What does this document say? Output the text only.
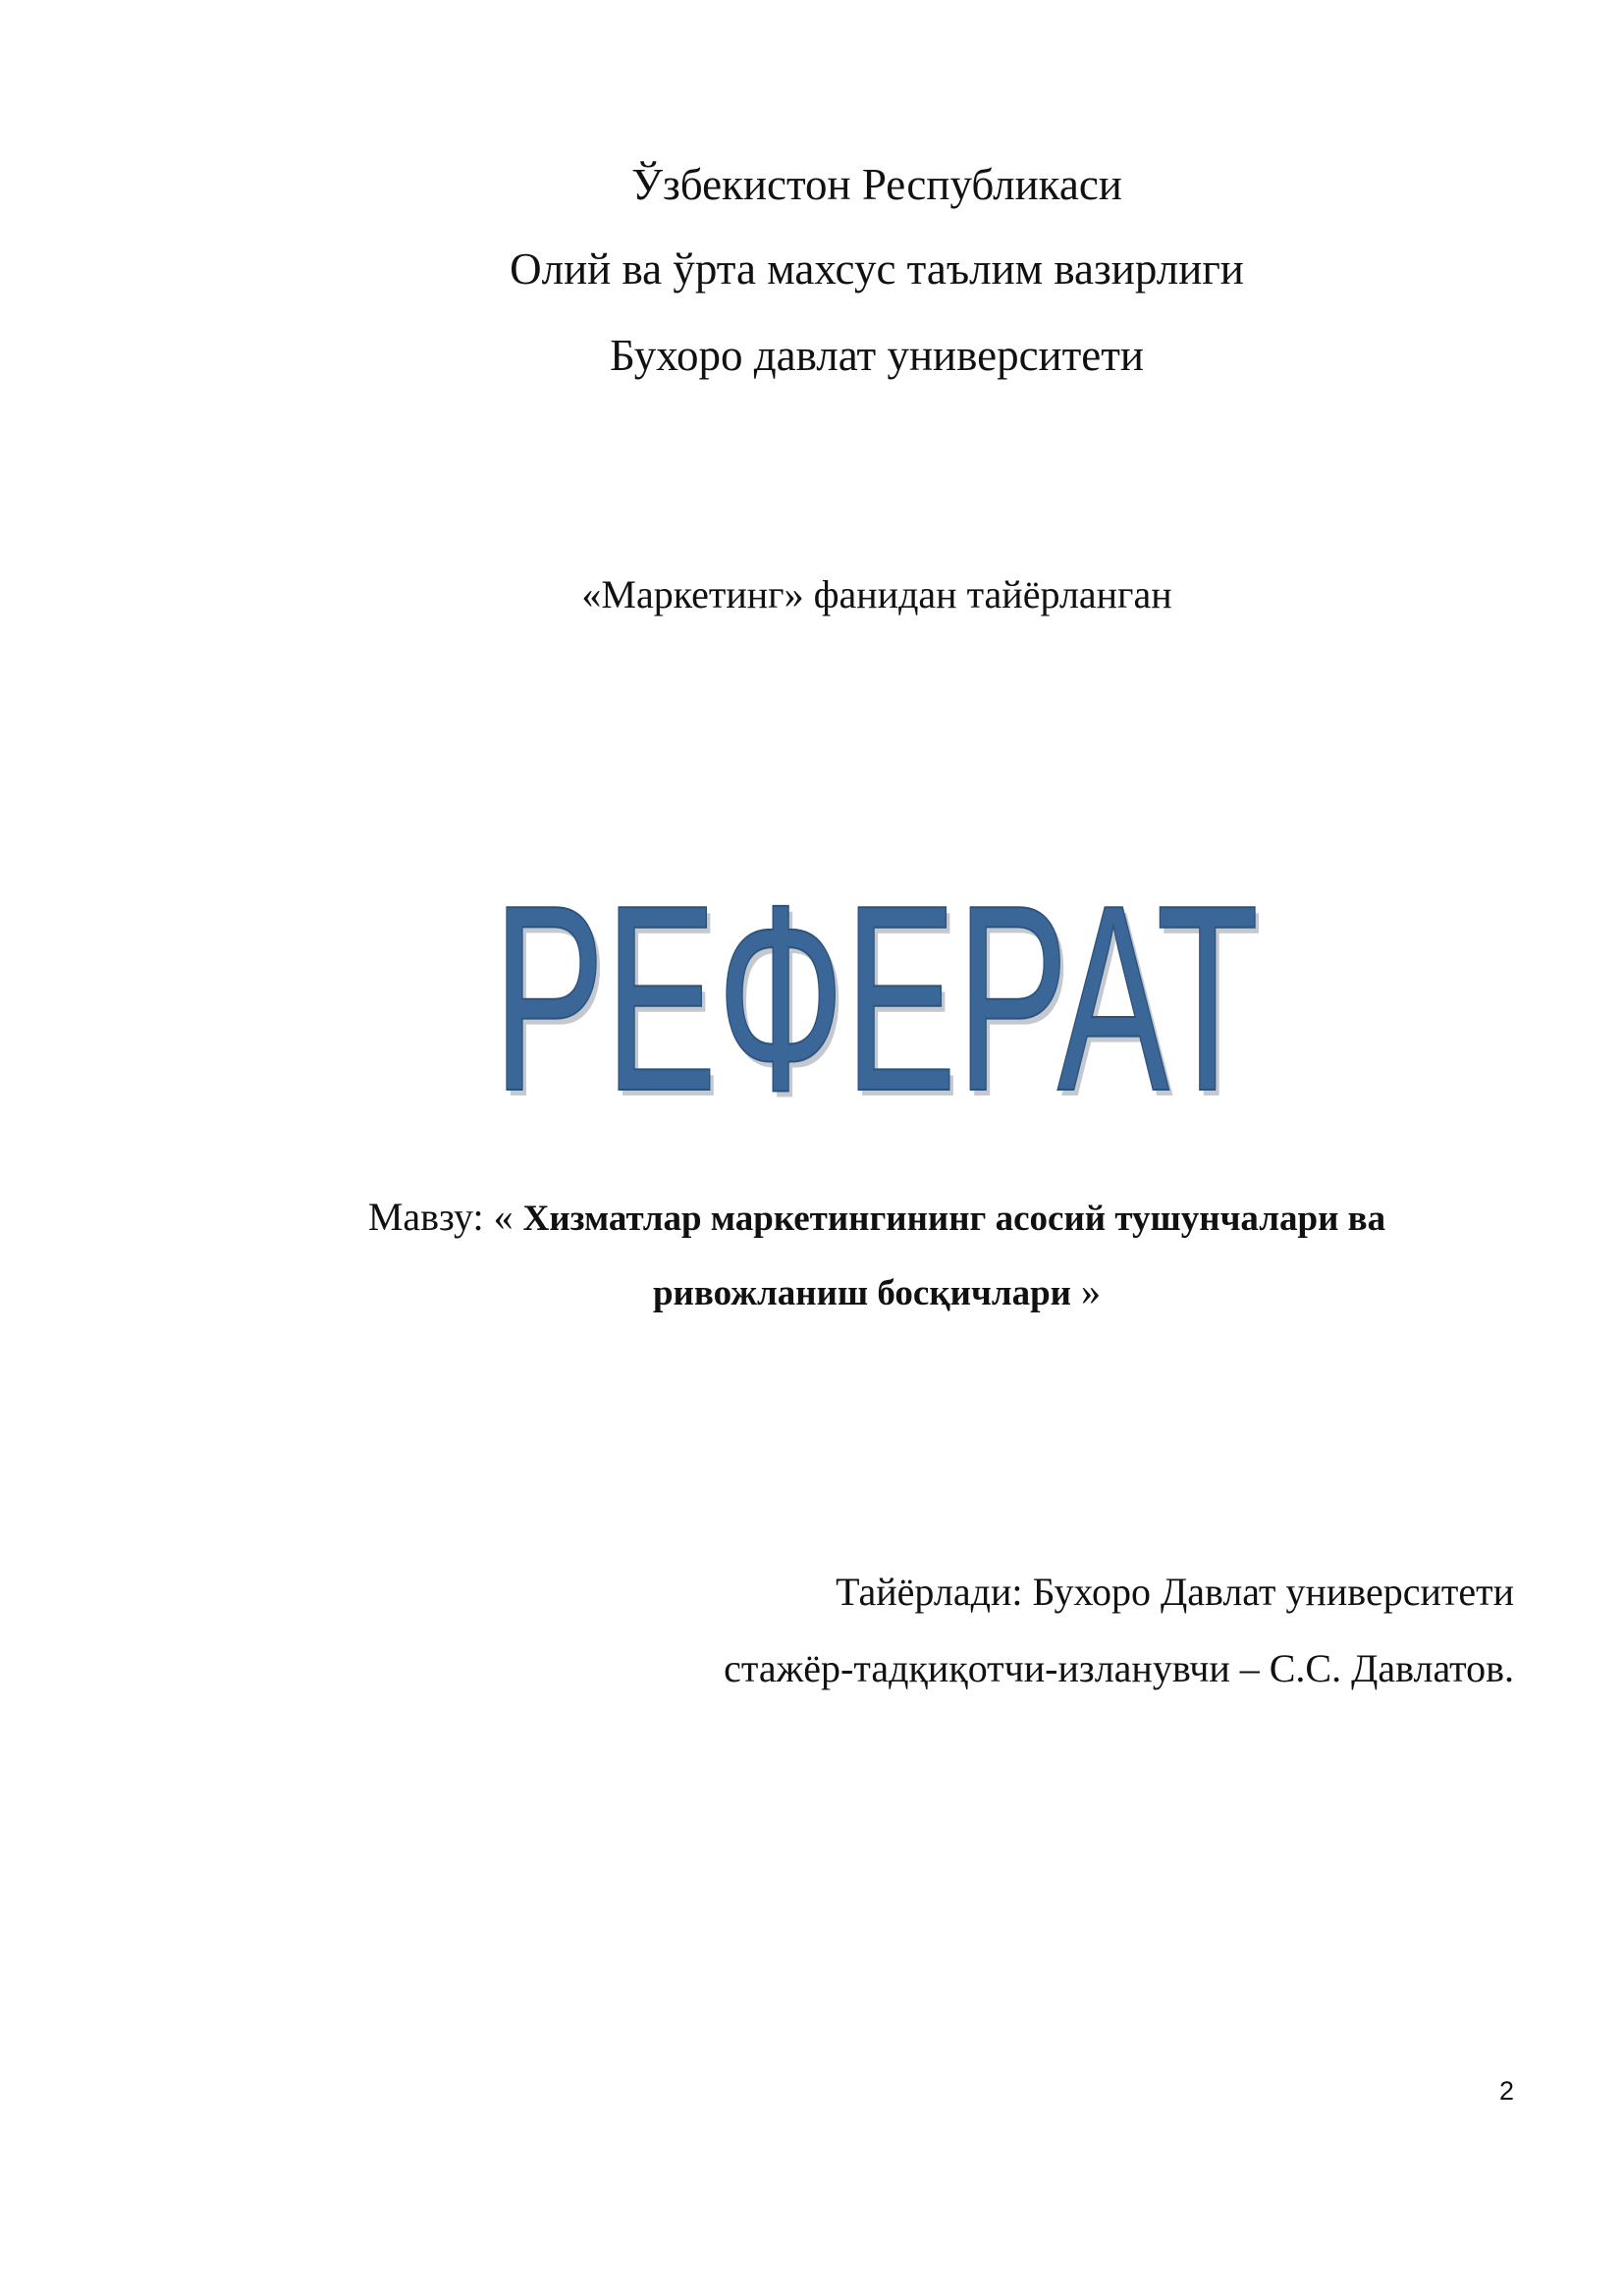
Ўзбекистон Республикаси
Олий ва ўрта махсус таълим вазирлиги
Бухоро давлат университети
«Маркетинг» фанидан тайёрланган
РЕФЕРАТ
РЕФЕРАТ
Мавзу: « Хизматлар маркетингининг асосий тушунчалари ва
ривожланиш босқичлари »
Тайёрлади: Бухоро Давлат университети
стажёр-тадқиқотчи-изланувчи – С.С. Давлатов.
2
